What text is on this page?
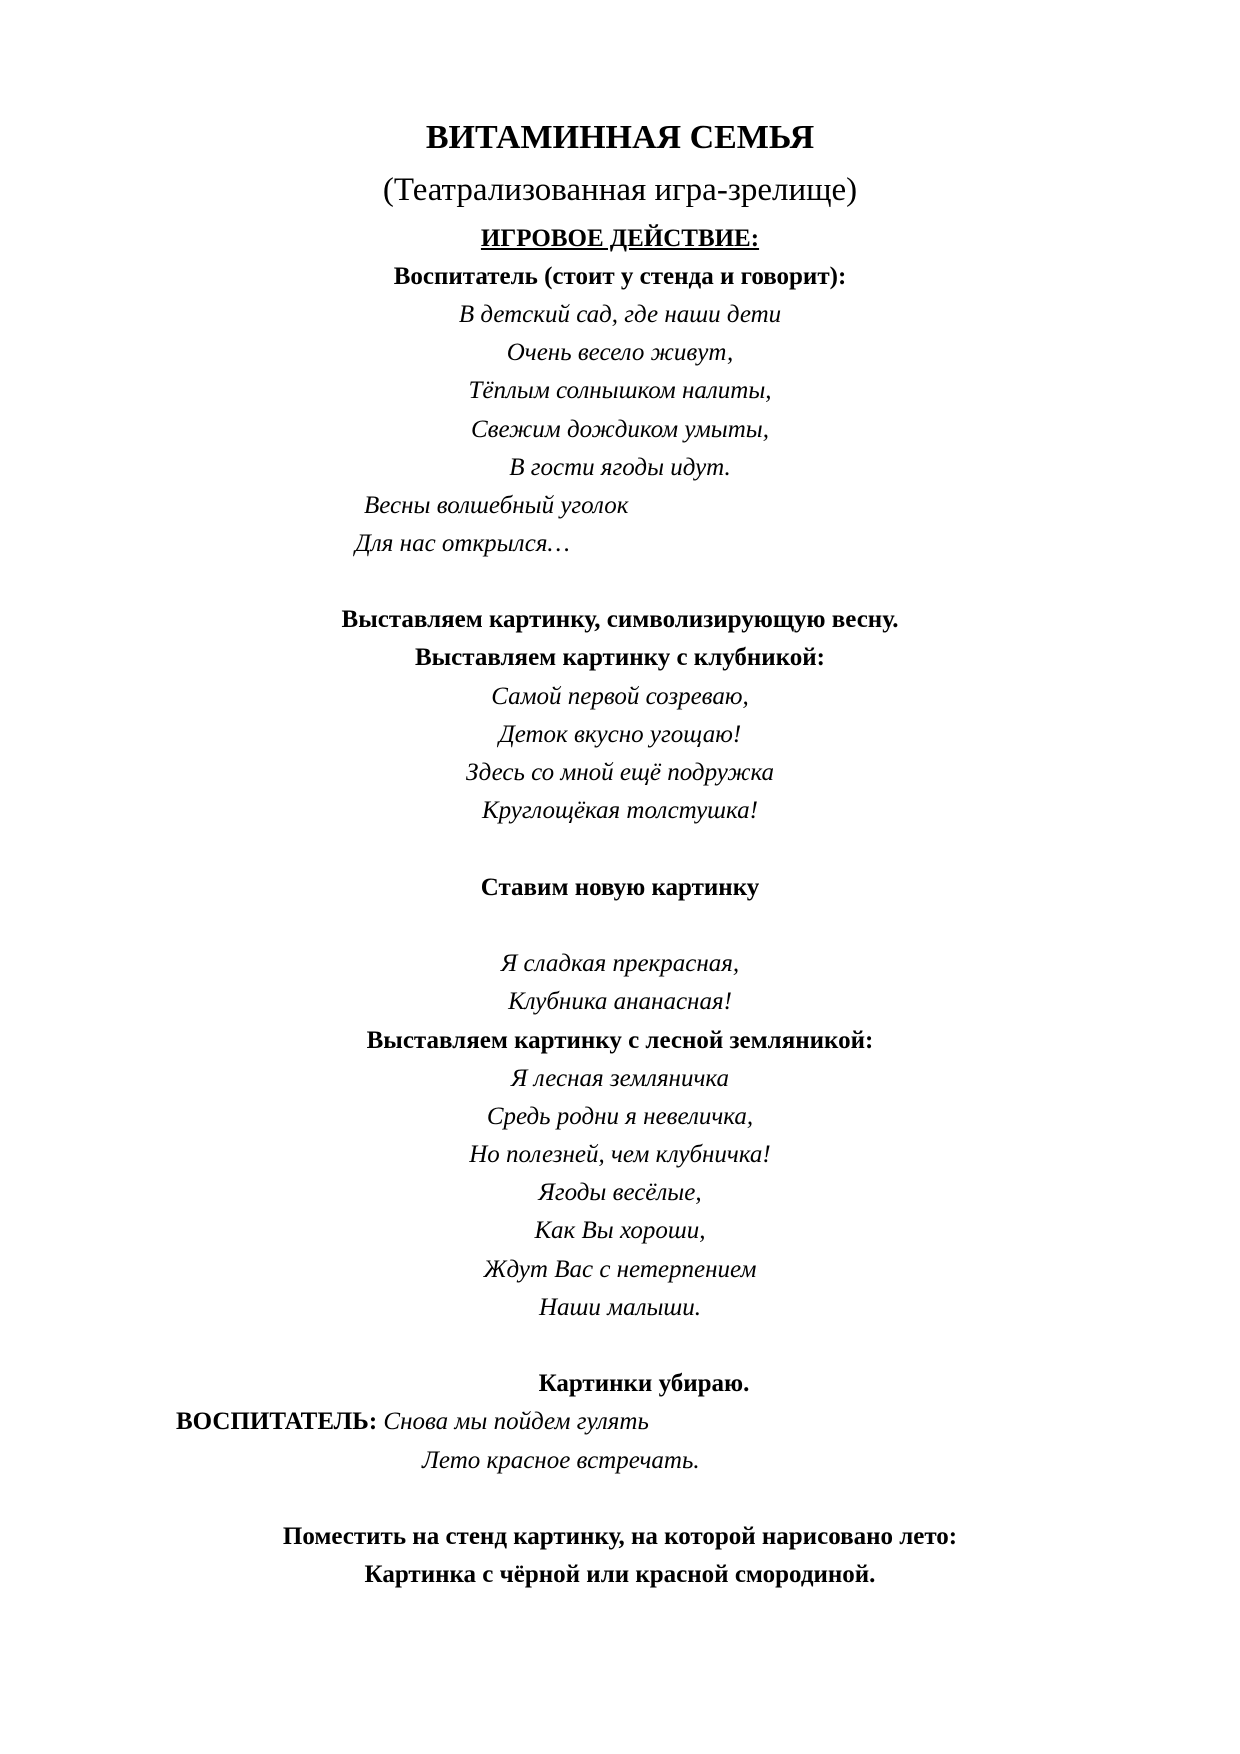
ВИТАМИННАЯ СЕМЬЯ
(Театрализованная игра-зрелище)
ИГРОВОЕ ДЕЙСТВИЕ:
Воспитатель (стоит у стенда и говорит):
В детский сад, где наши дети
Очень весело живут,
Тёплым солнышком налиты,
Свежим дождиком умыты,
В гости ягоды идут.
Весны волшебный уголок
Для нас открылся…
Выставляем картинку, символизирующую весну.
Выставляем картинку с клубникой:
Самой первой созреваю,
Деток вкусно угощаю!
Здесь со мной ещё подружка
Круглощёкая толстушка!
Ставим новую картинку
Я сладкая прекрасная,
Клубника ананасная!
Выставляем картинку с лесной земляникой:
Я лесная земляничка
Средь родни я невеличка,
Но полезней, чем клубничка!
Ягоды весёлые,
Как Вы хороши,
Ждут Вас с нетерпением
Наши малыши.
Картинки убираю.
ВОСПИТАТЕЛЬ: Снова мы пойдем гулять
Лето красное встречать.
Поместить на стенд картинку, на которой нарисовано лето:
Картинка с чёрной или красной смородиной.
